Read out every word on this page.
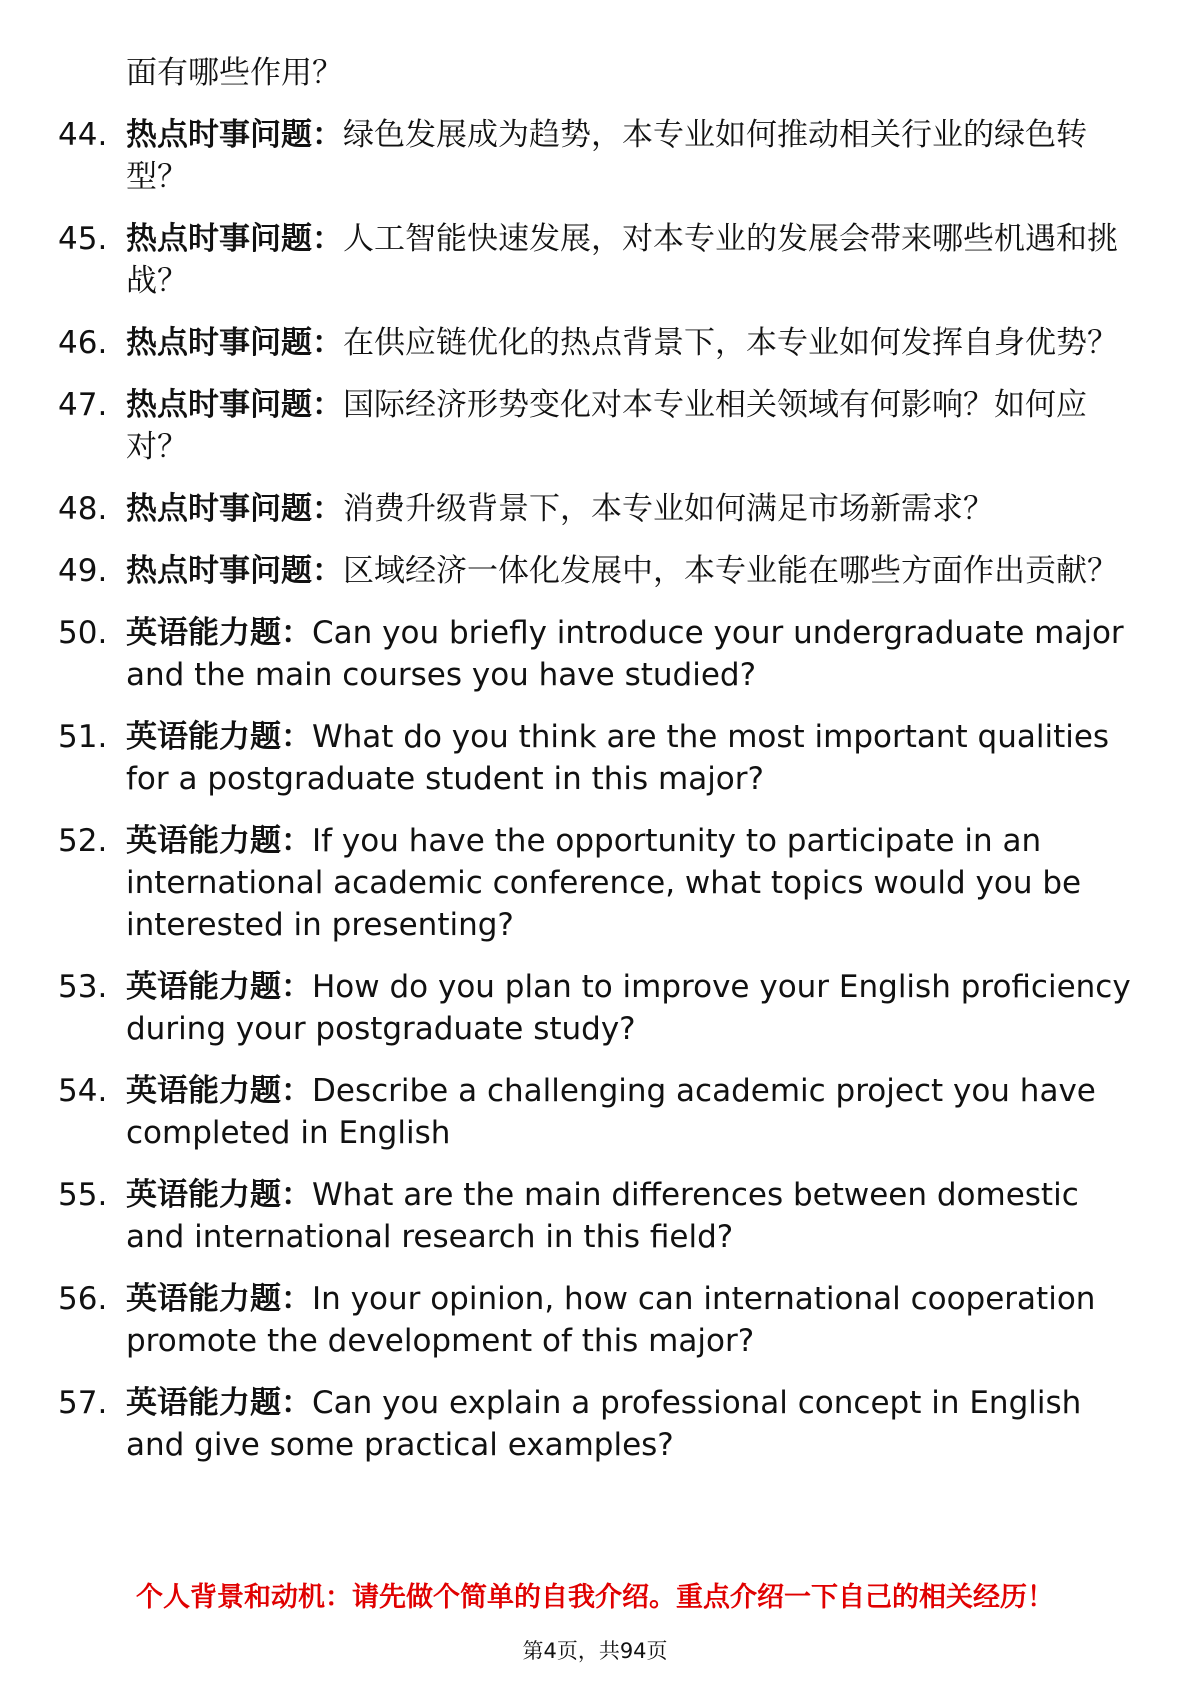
面有哪些作用？

44. 热点时事问题：绿色发展成为趋势，本专业如何推动相关行业的绿色转型？
45. 热点时事问题：人工智能快速发展，对本专业的发展会带来哪些机遇和挑战？
46. 热点时事问题：在供应链优化的热点背景下，本专业如何发挥自身优势？
47. 热点时事问题：国际经济形势变化对本专业相关领域有何影响？如何应对？
48. 热点时事问题：消费升级背景下，本专业如何满足市场新需求？
49. 热点时事问题：区域经济一体化发展中，本专业能在哪些方面作出贡献？
50. 英语能力题：Can you briefly introduce your undergraduate major and the main courses you have studied?
51. 英语能力题：What do you think are the most important qualities for a postgraduate student in this major?
52. 英语能力题：If you have the opportunity to participate in an international academic conference, what topics would you be interested in presenting?
53. 英语能力题：How do you plan to improve your English proficiency during your postgraduate study?
54. 英语能力题：Describe a challenging academic project you have completed in English
55. 英语能力题：What are the main differences between domestic and international research in this field?
56. 英语能力题：In your opinion, how can international cooperation promote the development of this major?
57. 英语能力题：Can you explain a professional concept in English and give some practical examples?

个人背景和动机：请先做个简单的自我介绍。重点介绍一下自己的相关经历！

第4页，共94页
